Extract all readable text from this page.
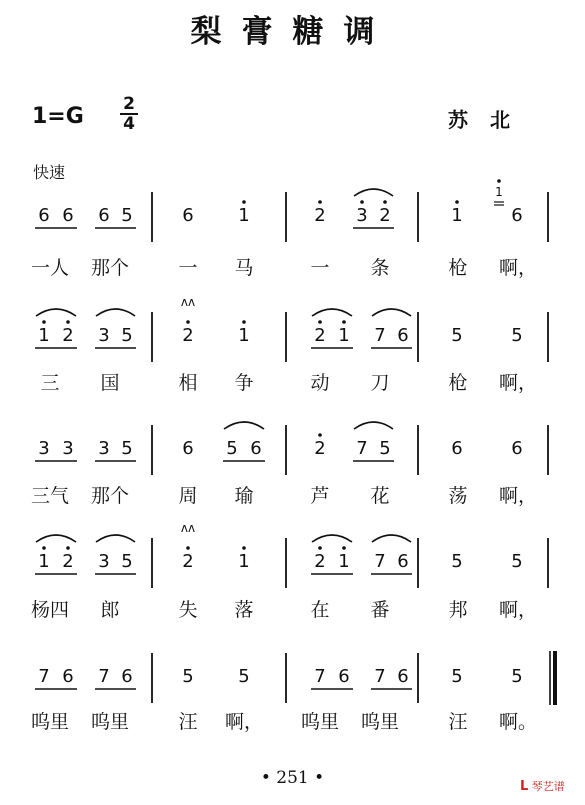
梨膏糖调
1=G 2
4	苏北
快速
6 6 6 5	6 1	2 3 2	1	6
1
一人 那个	一 马	一 条	枪 啊，
1 2 3 5	2 1	2 1 7 6 5	5
ʌʌ
三 国	相 争	动 刀	枪 啊，
3 3 3 5	6 5 6	2 7 5	6	6
三气 那个	周 瑜	芦 花	荡 啊，
1 2 3 5	2 1	2 1 7 6 5	5
ʌʌ
杨四 郎	失 落	在 番	邦 啊，
7 6 7 6	5 5	7 6 7 6 5	5
呜里 呜里	汪 啊， 呜里 呜里	汪 啊。
• 251 •	L 琴艺谱
